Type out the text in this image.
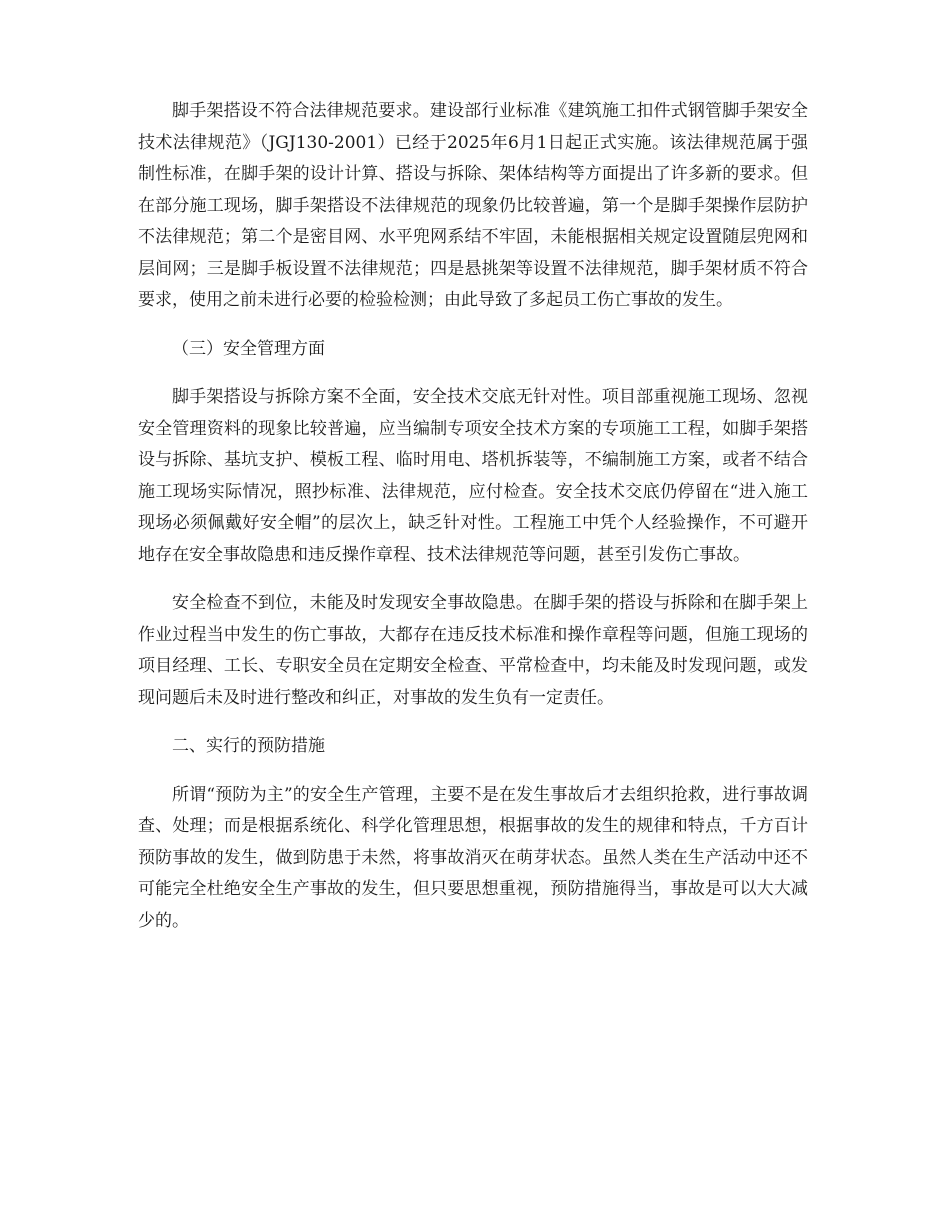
脚手架搭设不符合法律规范要求。建设部行业标准《建筑施工扣件式钢管脚手架安全技术法律规范》（JGJ130-2001）已经于2025年6月1日起正式实施。该法律规范属于强制性标准，在脚手架的设计计算、搭设与拆除、架体结构等方面提出了许多新的要求。但在部分施工现场，脚手架搭设不法律规范的现象仍比较普遍，第一个是脚手架操作层防护不法律规范；第二个是密目网、水平兜网系结不牢固，未能根据相关规定设置随层兜网和层间网；三是脚手板设置不法律规范；四是悬挑架等设置不法律规范，脚手架材质不符合要求，使用之前未进行必要的检验检测；由此导致了多起员工伤亡事故的发生。

（三）安全管理方面

脚手架搭设与拆除方案不全面，安全技术交底无针对性。项目部重视施工现场、忽视安全管理资料的现象比较普遍，应当编制专项安全技术方案的专项施工工程，如脚手架搭设与拆除、基坑支护、模板工程、临时用电、塔机拆装等，不编制施工方案，或者不结合施工现场实际情况，照抄标准、法律规范，应付检查。安全技术交底仍停留在“进入施工现场必须佩戴好安全帽”的层次上，缺乏针对性。工程施工中凭个人经验操作，不可避开地存在安全事故隐患和违反操作章程、技术法律规范等问题，甚至引发伤亡事故。

安全检查不到位，未能及时发现安全事故隐患。在脚手架的搭设与拆除和在脚手架上作业过程当中发生的伤亡事故，大都存在违反技术标准和操作章程等问题，但施工现场的项目经理、工长、专职安全员在定期安全检查、平常检查中，均未能及时发现问题，或发现问题后未及时进行整改和纠正，对事故的发生负有一定责任。

二、实行的预防措施

所谓“预防为主”的安全生产管理，主要不是在发生事故后才去组织抢救，进行事故调查、处理；而是根据系统化、科学化管理思想，根据事故的发生的规律和特点，千方百计预防事故的发生，做到防患于未然，将事故消灭在萌芽状态。虽然人类在生产活动中还不可能完全杜绝安全生产事故的发生，但只要思想重视，预防措施得当，事故是可以大大减少的。
